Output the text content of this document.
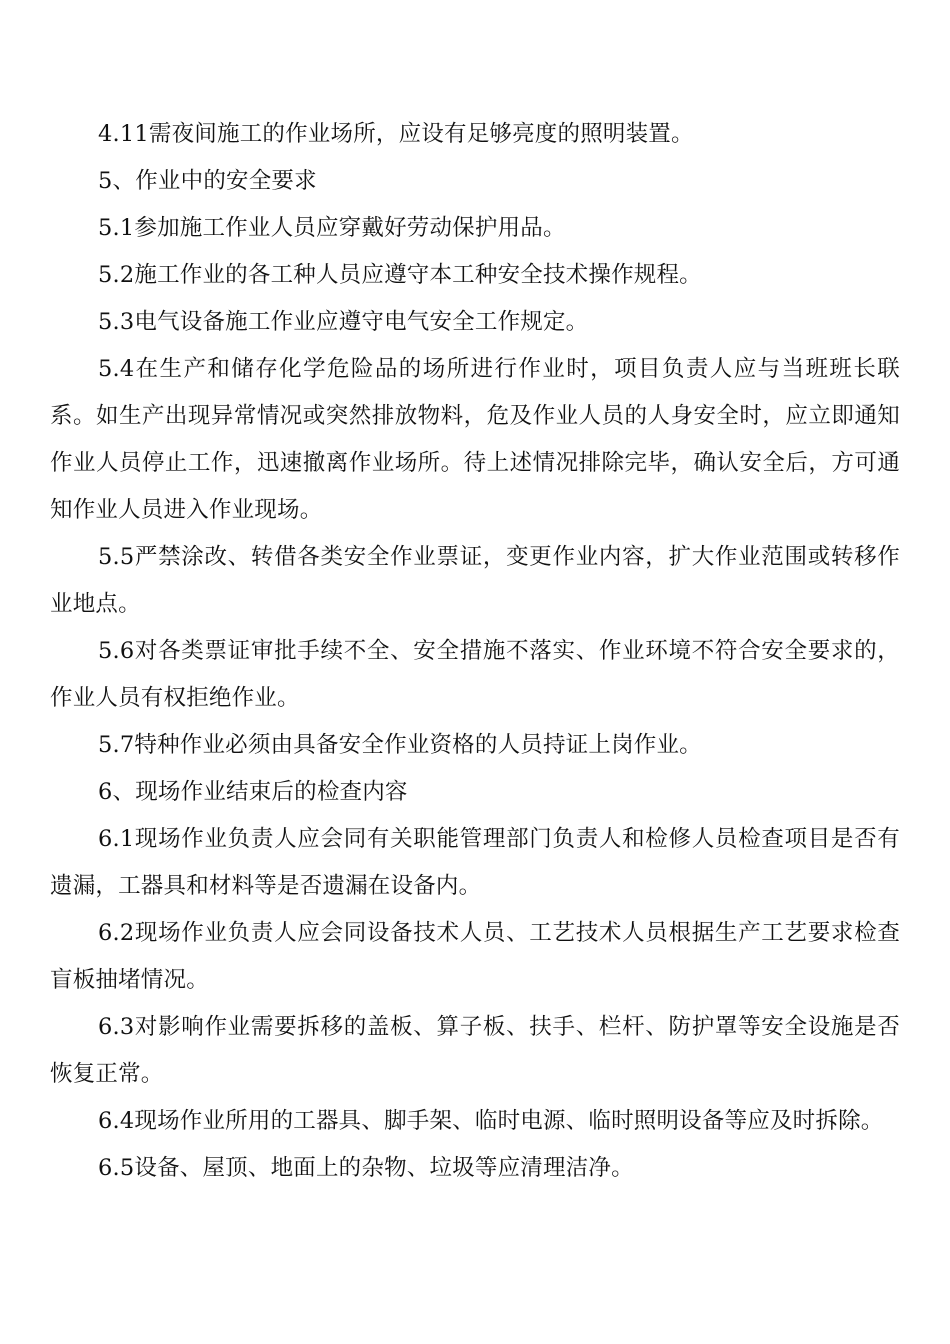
4.11需夜间施工的作业场所，应设有足够亮度的照明装置。

5、作业中的安全要求

5.1参加施工作业人员应穿戴好劳动保护用品。

5.2施工作业的各工种人员应遵守本工种安全技术操作规程。

5.3电气设备施工作业应遵守电气安全工作规定。

5.4在生产和储存化学危险品的场所进行作业时，项目负责人应与当班班长联系。如生产出现异常情况或突然排放物料，危及作业人员的人身安全时，应立即通知作业人员停止工作，迅速撤离作业场所。待上述情况排除完毕，确认安全后，方可通知作业人员进入作业现场。

5.5严禁涂改、转借各类安全作业票证，变更作业内容，扩大作业范围或转移作业地点。

5.6对各类票证审批手续不全、安全措施不落实、作业环境不符合安全要求的，作业人员有权拒绝作业。

5.7特种作业必须由具备安全作业资格的人员持证上岗作业。

6、现场作业结束后的检查内容

6.1现场作业负责人应会同有关职能管理部门负责人和检修人员检查项目是否有遗漏，工器具和材料等是否遗漏在设备内。

6.2现场作业负责人应会同设备技术人员、工艺技术人员根据生产工艺要求检查盲板抽堵情况。

6.3对影响作业需要拆移的盖板、算子板、扶手、栏杆、防护罩等安全设施是否恢复正常。

6.4现场作业所用的工器具、脚手架、临时电源、临时照明设备等应及时拆除。

6.5设备、屋顶、地面上的杂物、垃圾等应清理洁净。
